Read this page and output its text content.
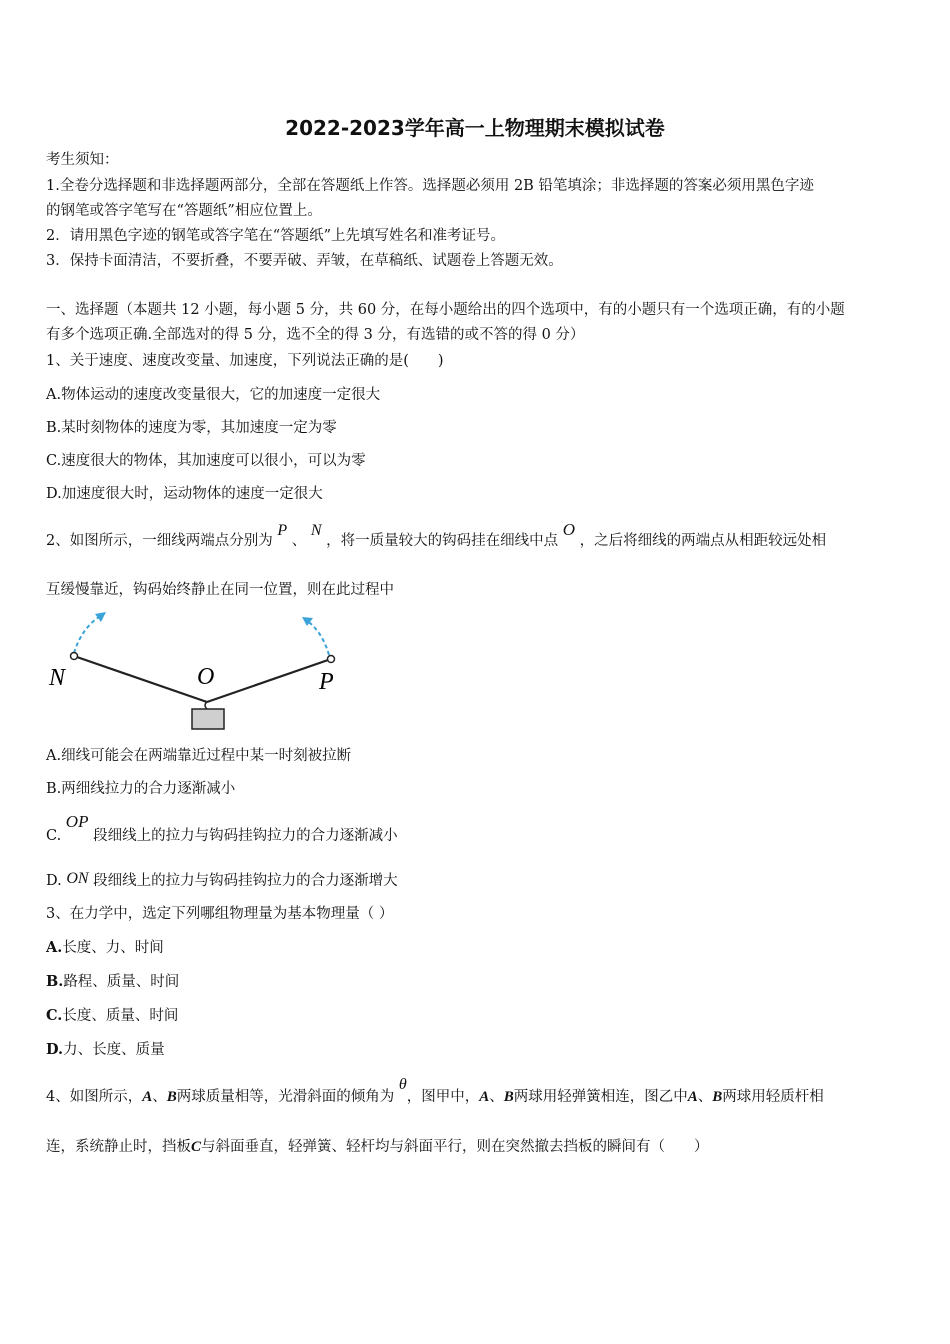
2022-2023学年高一上物理期末模拟试卷
考生须知：
1.全卷分选择题和非选择题两部分，全部在答题纸上作答。选择题必须用 2B 铅笔填涂；非选择题的答案必须用黑色字迹
的钢笔或答字笔写在“答题纸”相应位置上。
2．请用黑色字迹的钢笔或答字笔在“答题纸”上先填写姓名和准考证号。
3．保持卡面清洁，不要折叠，不要弄破、弄皱，在草稿纸、试题卷上答题无效。
一、选择题（本题共 12 小题，每小题 5 分，共 60 分，在每小题给出的四个选项中，有的小题只有一个选项正确，有的小题
有多个选项正确.全部选对的得 5 分，选不全的得 3 分，有选错的或不答的得 0 分）
1、关于速度、速度改变量、加速度，下列说法正确的是(　　)
A.物体运动的速度改变量很大，它的加速度一定很大
B.某时刻物体的速度为零，其加速度一定为零
C.速度很大的物体，其加速度可以很小，可以为零
D.加速度很大时，运动物体的速度一定很大
2、如图所示，一细线两端点分别为 P 、 N ，将一质量较大的钩码挂在细线中点 O ，之后将细线的两端点从相距较远处相
互缓慢靠近，钩码始终静止在同一位置，则在此过程中
N	O	P
A.细线可能会在两端靠近过程中某一时刻被拉断
B.两细线拉力的合力逐渐减小
C. OP 段细线上的拉力与钩码挂钩拉力的合力逐渐减小
D. ON 段细线上的拉力与钩码挂钩拉力的合力逐渐增大
3、在力学中，选定下列哪组物理量为基本物理量（ ）
A.长度、力、时间
B.路程、质量、时间
C.长度、质量、时间
D.力、长度、质量
4、如图所示，A、B两球质量相等，光滑斜面的倾角为 θ，图甲中，A、B两球用轻弹簧相连，图乙中A、B两球用轻质杆相
连，系统静止时，挡板C与斜面垂直，轻弹簧、轻杆均与斜面平行，则在突然撤去挡板的瞬间有（　　）
